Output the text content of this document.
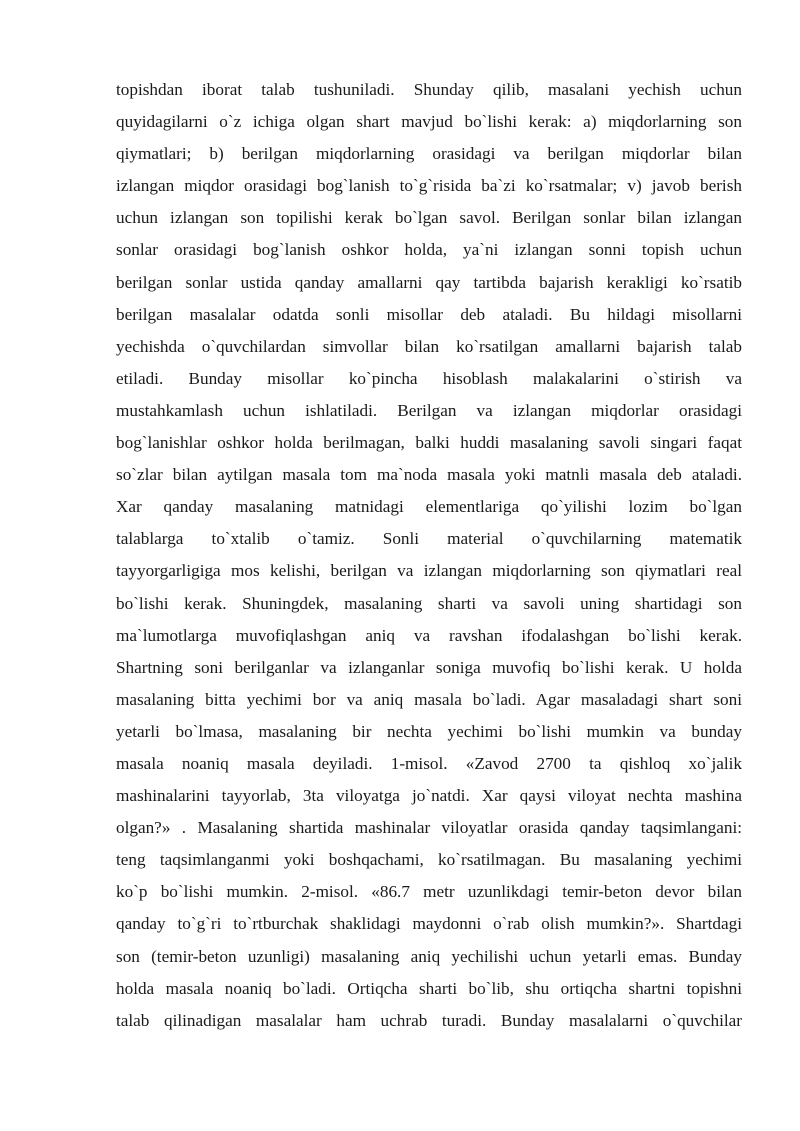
topishdan iborat talab tushuniladi. Shunday qilib, masalani yechish uchun
quyidagilarni o`z ichiga olgan shart mavjud bo`lishi kerak: a) miqdorlarning son
qiymatlari; b) berilgan miqdorlarning orasidagi va berilgan miqdorlar bilan
izlangan miqdor orasidagi bog`lanish to`g`risida ba`zi ko`rsatmalar; v) javob berish
uchun izlangan son topilishi kerak bo`lgan savol. Berilgan sonlar bilan izlangan
sonlar orasidagi bog`lanish oshkor holda, ya`ni izlangan sonni topish uchun
berilgan sonlar ustida qanday amallarni qay tartibda bajarish kerakligi ko`rsatib
berilgan masalalar odatda sonli misollar deb ataladi. Bu hildagi misollarni
yechishda o`quvchilardan simvollar bilan ko`rsatilgan amallarni bajarish talab
etiladi. Bunday misollar ko`pincha hisoblash malakalarini o`stirish va
mustahkamlash uchun ishlatiladi. Berilgan va izlangan miqdorlar orasidagi
bog`lanishlar oshkor holda berilmagan, balki huddi masalaning savoli singari faqat
so`zlar bilan aytilgan masala tom ma`noda masala yoki matnli masala deb ataladi.
Xar qanday masalaning matnidagi elementlariga qo`yilishi lozim bo`lgan
talablarga to`xtalib o`tamiz. Sonli material o`quvchilarning matematik
tayyorgarligiga mos kelishi, berilgan va izlangan miqdorlarning son qiymatlari real
bo`lishi kerak. Shuningdek, masalaning sharti va savoli uning shartidagi son
ma`lumotlarga muvofiqlashgan aniq va ravshan ifodalashgan bo`lishi kerak.
Shartning soni berilganlar va izlanganlar soniga muvofiq bo`lishi kerak. U holda
masalaning bitta yechimi bor va aniq masala bo`ladi. Agar masaladagi shart soni
yetarli bo`lmasa, masalaning bir nechta yechimi bo`lishi mumkin va bunday
masala noaniq masala deyiladi. 1-misol. «Zavod 2700 ta qishloq xo`jalik
mashinalarini tayyorlab, 3ta viloyatga jo`natdi. Xar qaysi viloyat nechta mashina
olgan?» . Masalaning shartida mashinalar viloyatlar orasida qanday taqsimlangani:
teng taqsimlanganmi yoki boshqachami, ko`rsatilmagan. Bu masalaning yechimi
ko`p bo`lishi mumkin. 2-misol. «86.7 metr uzunlikdagi temir-beton devor bilan
qanday to`g`ri to`rtburchak shaklidagi maydonni o`rab olish mumkin?». Shartdagi
son (temir-beton uzunligi) masalaning aniq yechilishi uchun yetarli emas. Bunday
holda masala noaniq bo`ladi. Ortiqcha sharti bo`lib, shu ortiqcha shartni topishni
talab qilinadigan masalalar ham uchrab turadi. Bunday masalalarni o`quvchilar
